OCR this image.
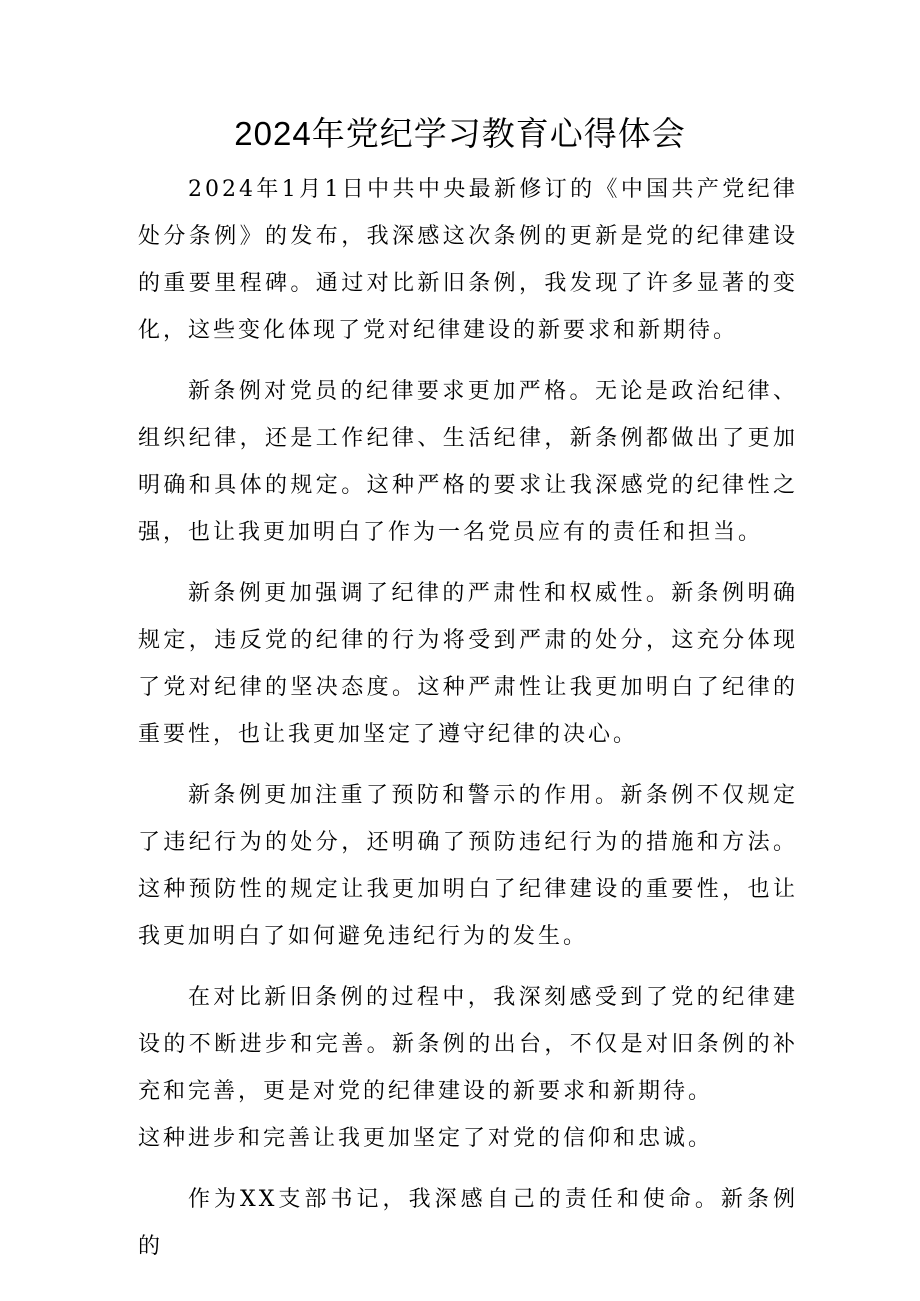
2024年党纪学习教育心得体会

2024年1月1日中共中央最新修订的《中国共产党纪律处分条例》的发布，我深感这次条例的更新是党的纪律建设的重要里程碑。通过对比新旧条例，我发现了许多显著的变化，这些变化体现了党对纪律建设的新要求和新期待。

新条例对党员的纪律要求更加严格。无论是政治纪律、组织纪律，还是工作纪律、生活纪律，新条例都做出了更加明确和具体的规定。这种严格的要求让我深感党的纪律性之强，也让我更加明白了作为一名党员应有的责任和担当。

新条例更加强调了纪律的严肃性和权威性。新条例明确规定，违反党的纪律的行为将受到严肃的处分，这充分体现了党对纪律的坚决态度。这种严肃性让我更加明白了纪律的重要性，也让我更加坚定了遵守纪律的决心。

新条例更加注重了预防和警示的作用。新条例不仅规定了违纪行为的处分，还明确了预防违纪行为的措施和方法。这种预防性的规定让我更加明白了纪律建设的重要性，也让我更加明白了如何避免违纪行为的发生。

在对比新旧条例的过程中，我深刻感受到了党的纪律建设的不断进步和完善。新条例的出台，不仅是对旧条例的补充和完善，更是对党的纪律建设的新要求和新期待。

这种进步和完善让我更加坚定了对党的信仰和忠诚。

作为XX支部书记，我深感自己的责任和使命。新条例的
